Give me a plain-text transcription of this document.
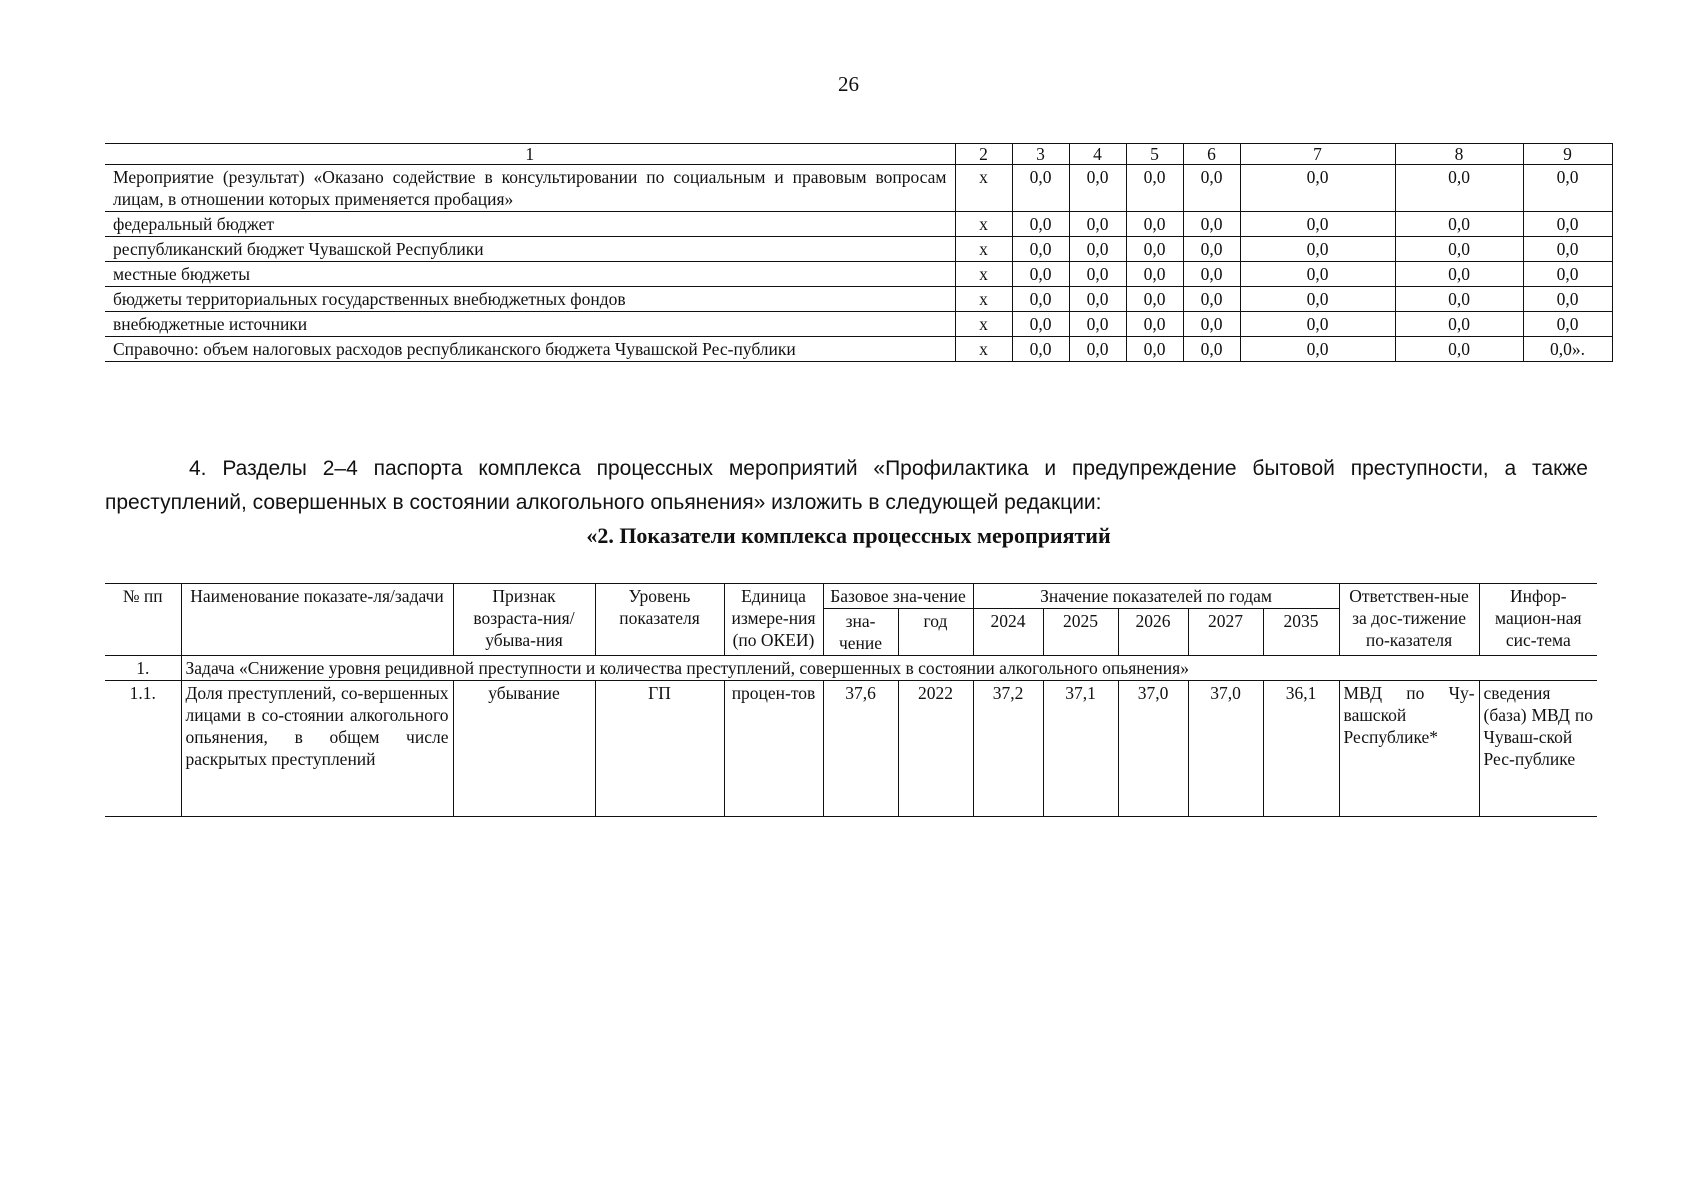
26
1	2	3	4	5	6	7	8	9
Мероприятие (результат) «Оказано содействие в консультировании по социальным и правовым вопросам лицам, в отношении которых применяется пробация»	х	0,0	0,0	0,0	0,0	0,0	0,0	0,0
федеральный бюджет	х	0,0	0,0	0,0	0,0	0,0	0,0	0,0
республиканский бюджет Чувашской Республики	х	0,0	0,0	0,0	0,0	0,0	0,0	0,0
местные бюджеты	х	0,0	0,0	0,0	0,0	0,0	0,0	0,0
бюджеты территориальных государственных внебюджетных фондов	х	0,0	0,0	0,0	0,0	0,0	0,0	0,0
внебюджетные источники	х	0,0	0,0	0,0	0,0	0,0	0,0	0,0
Справочно: объем налоговых расходов республиканского бюджета Чувашской Рес-публики	х	0,0	0,0	0,0	0,0	0,0	0,0	0,0».

4. Разделы 2–4 паспорта комплекса процессных мероприятий «Профилактика и предупреждение бытовой преступности, а также преступлений, совершенных в состоянии алкогольного опьянения» изложить в следующей редакции:

«2. Показатели комплекса процессных мероприятий
№ пп	Наименование показате-ля/задачи	Признак возраста-ния/убыва-ния	Уровень показателя	Единица измере-ния (по ОКЕИ)	Базовое зна-чение		Значение показателей по годам					Ответствен-ные за дос-тижение по-казателя	Инфор-мацион-ная сис-тема
					зна-чение	год							
							2024	2025	2026	2027	2035		
1.	Задача «Снижение уровня рецидивной преступности и количества преступлений, совершенных в состоянии алкогольного опьянения»												
1.1.	Доля преступлений, со-вершенных лицами в со-стоянии алкогольного опьянения, в общем числе раскрытых преступлений	убывание	ГП	процен-тов	37,6	2022	37,2	37,1	37,0	37,0	36,1	МВД по Чу-вашской Республике*	сведения (база) МВД по Чуваш-ской Рес-публике
